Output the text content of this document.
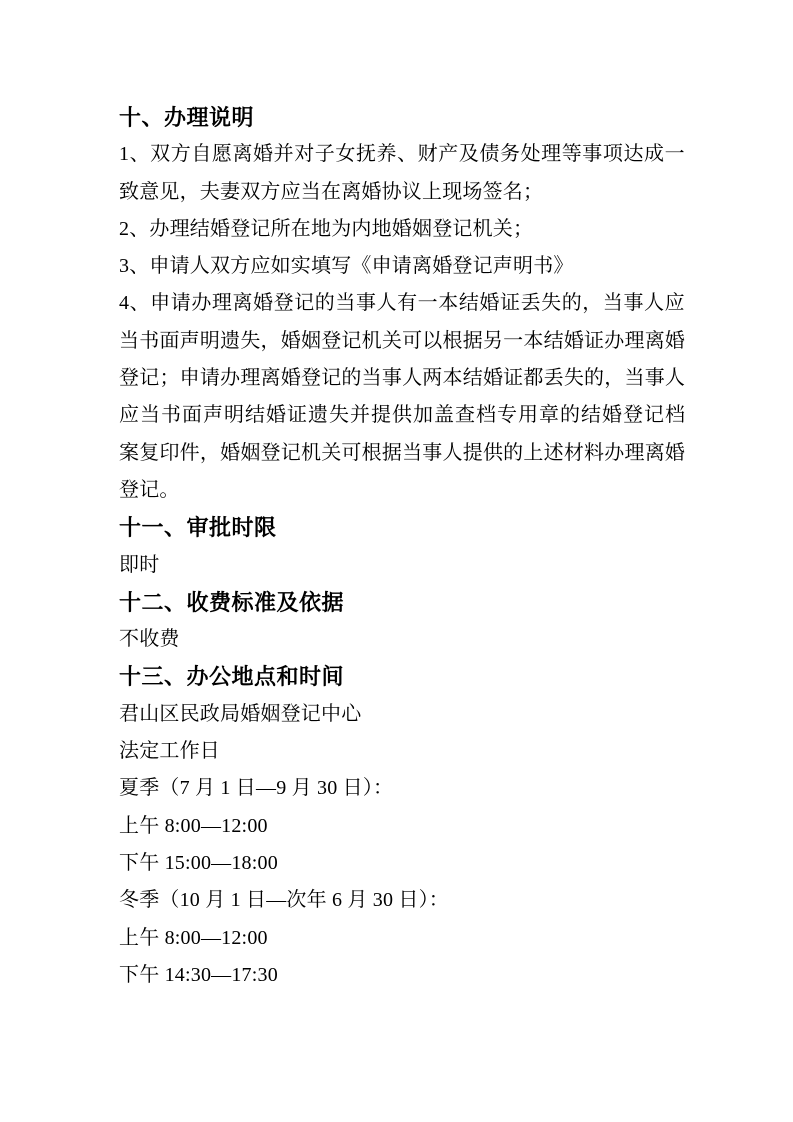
十、办理说明

1 、 双 方 自 愿 离 婚 并 对 子 女 抚 养 、 财 产 及 债 务 处 理 等 事 项 达 成 一

致意见，夫妻双方应当在离婚协议上现场签名；

2、办理结婚登记所在地为内地婚姻登记机关；

3、申请人双方应如实填写《申请离婚登记声明书》

4 、 申 请 办 理 离 婚 登 记 的 当 事 人 有 一 本 结 婚 证 丢 失 的 ， 当 事 人 应

当 书 面 声 明 遗 失 ， 婚 姻 登 记 机 关 可 以 根 据 另 一 本 结 婚 证 办 理 离 婚

登 记 ； 申 请 办 理 离 婚 登 记 的 当 事 人 两 本 结 婚 证 都 丢 失 的 ， 当 事 人

应 当 书 面 声 明 结 婚 证 遗 失 并 提 供 加 盖 查 档 专 用 章 的 结 婚 登 记 档

案 复 印 件 ， 婚 姻 登 记 机 关 可 根 据 当 事 人 提 供 的 上 述 材 料 办 理 离 婚

登记。

十一、审批时限

即时

十二、收费标准及依据

不收费

十三、办公地点和时间

君山区民政局婚姻登记中心

法定工作日

夏季（7 月 1 日—9 月 30 日）：

上午 8:00—12:00

下午 15:00—18:00

冬季（10 月 1 日—次年 6 月 30 日）：

上午 8:00—12:00

下午 14:30—17:30
